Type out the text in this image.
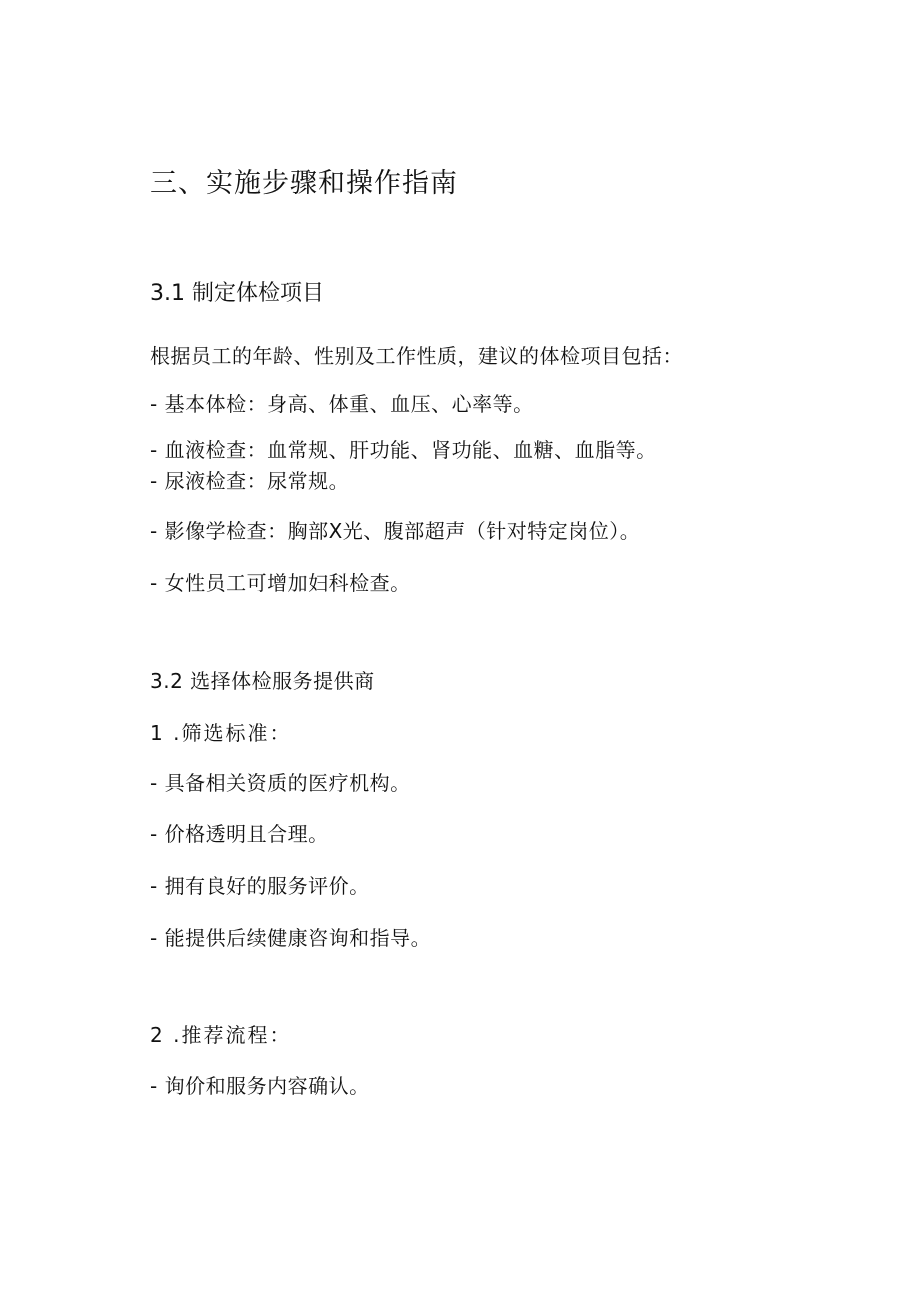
三、实施步骤和操作指南
3.1 制定体检项目
根据员工的年龄、性别及工作性质，建议的体检项目包括：
- 基本体检：身高、体重、血压、心率等。
- 血液检查：血常规、肝功能、肾功能、血糖、血脂等。
- 尿液检查：尿常规。
- 影像学检查：胸部X光、腹部超声（针对特定岗位）。
- 女性员工可增加妇科检查。
3.2 选择体检服务提供商
1 .筛选标准：
- 具备相关资质的医疗机构。
- 价格透明且合理。
- 拥有良好的服务评价。
- 能提供后续健康咨询和指导。
2 .推荐流程：
- 询价和服务内容确认。
